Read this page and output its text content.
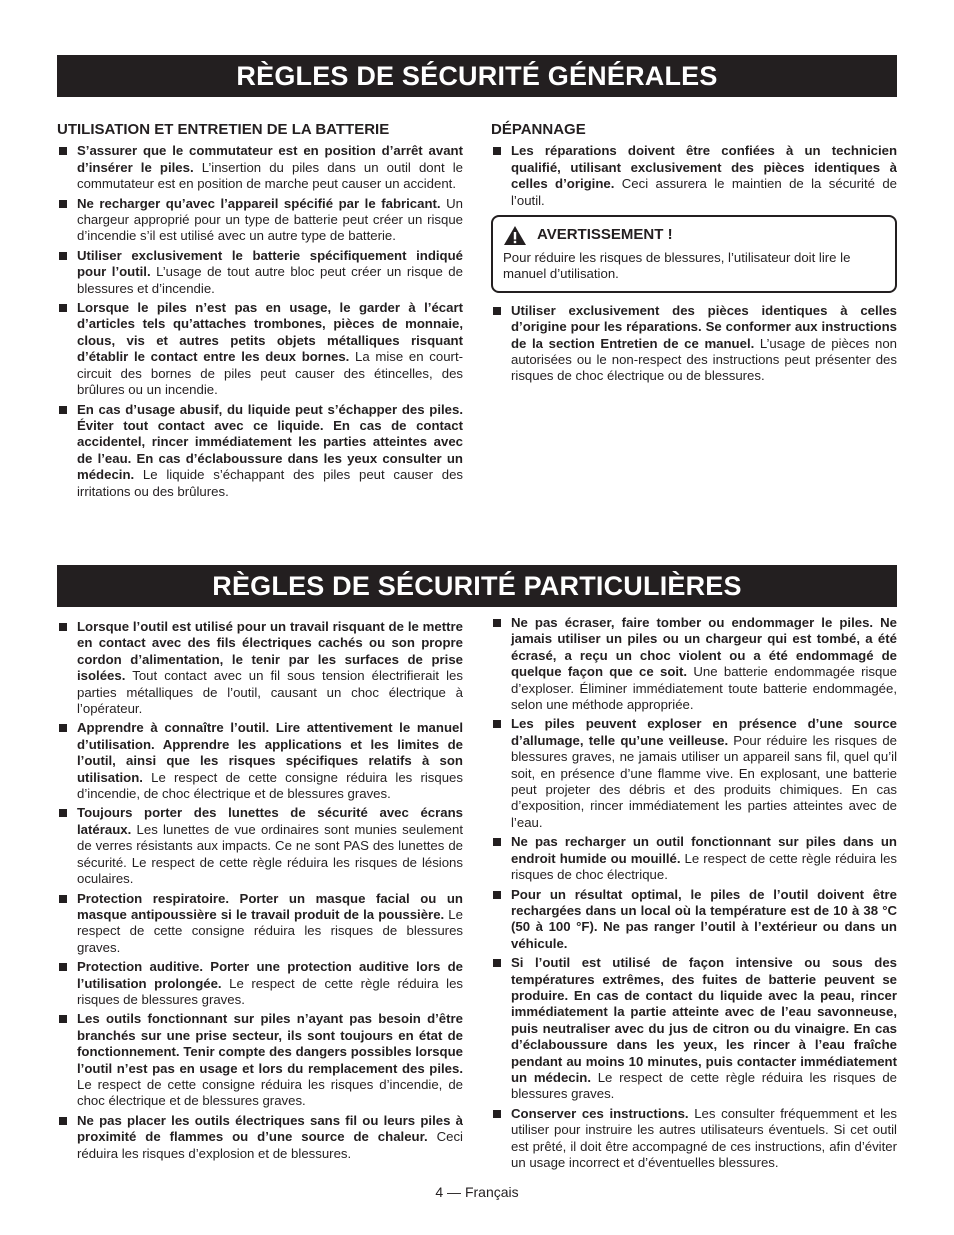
RÈGLES DE SÉCURITÉ GÉNÉRALES
UTILISATION ET ENTRETIEN DE LA BATTERIE
S’assurer que le commutateur est en position d’arrêt avant d’insérer le piles. L’insertion du piles dans un outil dont le commutateur est en position de marche peut causer un accident.
Ne recharger qu’avec l’appareil spécifié par le fabricant. Un chargeur approprié pour un type de batterie peut créer un risque d’incendie s’il est utilisé avec un autre type de batterie.
Utiliser exclusivement le batterie spécifiquement indiqué pour l’outil. L’usage de tout autre bloc peut créer un risque de blessures et d’incendie.
Lorsque le piles n’est pas en usage, le garder à l’écart d’articles tels qu’attaches trombones, pièces de monnaie, clous, vis et autres petits objets métalliques risquant d’établir le contact entre les deux bornes. La mise en court-circuit des bornes de piles peut causer des étincelles, des brûlures ou un incendie.
En cas d’usage abusif, du liquide peut s’échapper des piles. Éviter tout contact avec ce liquide. En cas de contact accidentel, rincer immédiatement les parties atteintes avec de l’eau. En cas d’éclaboussure dans les yeux consulter un médecin. Le liquide s’échappant des piles peut causer des irritations ou des brûlures.
DÉPANNAGE
Les réparations doivent être confiées à un technicien qualifié, utilisant exclusivement des pièces identiques à celles d’origine. Ceci assurera le maintien de la sécurité de l’outil.
AVERTISSEMENT !
Pour réduire les risques de blessures, l’utilisateur doit lire le manuel d’utilisation.
Utiliser exclusivement des pièces identiques à celles d’origine pour les réparations. Se conformer aux instructions de la section Entretien de ce manuel. L’usage de pièces non autorisées ou le non-respect des instructions peut présenter des risques de choc électrique ou de blessures.
RÈGLES DE SÉCURITÉ PARTICULIÈRES
Lorsque l’outil est utilisé pour un travail risquant de le mettre en contact avec des fils électriques cachés ou son propre cordon d’alimentation, le tenir par les surfaces de prise isolées. Tout contact avec un fil sous tension électrifierait les parties métalliques de l’outil, causant un choc électrique à l’opérateur.
Apprendre à connaître l’outil. Lire attentivement le manuel d’utilisation. Apprendre les applications et les limites de l’outil, ainsi que les risques spécifiques relatifs à son utilisation. Le respect de cette consigne réduira les risques d’incendie, de choc électrique et de blessures graves.
Toujours porter des lunettes de sécurité avec écrans latéraux. Les lunettes de vue ordinaires sont munies seulement de verres résistants aux impacts. Ce ne sont PAS des lunettes de sécurité. Le respect de cette règle réduira les risques de lésions oculaires.
Protection respiratoire. Porter un masque facial ou un masque antipoussière si le travail produit de la poussière. Le respect de cette consigne réduira les risques de blessures graves.
Protection auditive. Porter une protection auditive lors de l’utilisation prolongée. Le respect de cette règle réduira les risques de blessures graves.
Les outils fonctionnant sur piles n’ayant pas besoin d’être branchés sur une prise secteur, ils sont toujours en état de fonctionnement. Tenir compte des dangers possibles lorsque l’outil n’est pas en usage et lors du remplacement des piles. Le respect de cette consigne réduira les risques d’incendie, de choc électrique et de blessures graves.
Ne pas placer les outils électriques sans fil ou leurs piles à proximité de flammes ou d’une source de chaleur. Ceci réduira les risques d’explosion et de blessures.
Ne pas écraser, faire tomber ou endommager le piles. Ne jamais utiliser un piles ou un chargeur qui est tombé, a été écrasé, a reçu un choc violent ou a été endommagé de quelque façon que ce soit. Une batterie endommagée risque d’exploser. Éliminer immédiatement toute batterie endommagée, selon une méthode appropriée.
Les piles peuvent exploser en présence d’une source d’allumage, telle qu’une veilleuse. Pour réduire les risques de blessures graves, ne jamais utiliser un appareil sans fil, quel qu’il soit, en présence d’une flamme vive. En explosant, une batterie peut projeter des débris et des produits chimiques. En cas d’exposition, rincer immédiatement les parties atteintes avec de l’eau.
Ne pas recharger un outil fonctionnant sur piles dans un endroit humide ou mouillé. Le respect de cette règle réduira les risques de choc électrique.
Pour un résultat optimal, le piles de l’outil doivent être rechargées dans un local où la température est de 10 à 38 °C (50 à 100 °F). Ne pas ranger l’outil à l’extérieur ou dans un véhicule.
Si l’outil est utilisé de façon intensive ou sous des températures extrêmes, des fuites de batterie peuvent se produire. En cas de contact du liquide avec la peau, rincer immédiatement la partie atteinte avec de l’eau savonneuse, puis neutraliser avec du jus de citron ou du vinaigre. En cas d’éclaboussure dans les yeux, les rincer à l’eau fraîche pendant au moins 10 minutes, puis contacter immédiatement un médecin. Le respect de cette règle réduira les risques de blessures graves.
Conserver ces instructions. Les consulter fréquemment et les utiliser pour instruire les autres utilisateurs éventuels. Si cet outil est prêté, il doit être accompagné de ces instructions, afin d’éviter un usage incorrect et d’éventuelles blessures.
4 — Français
